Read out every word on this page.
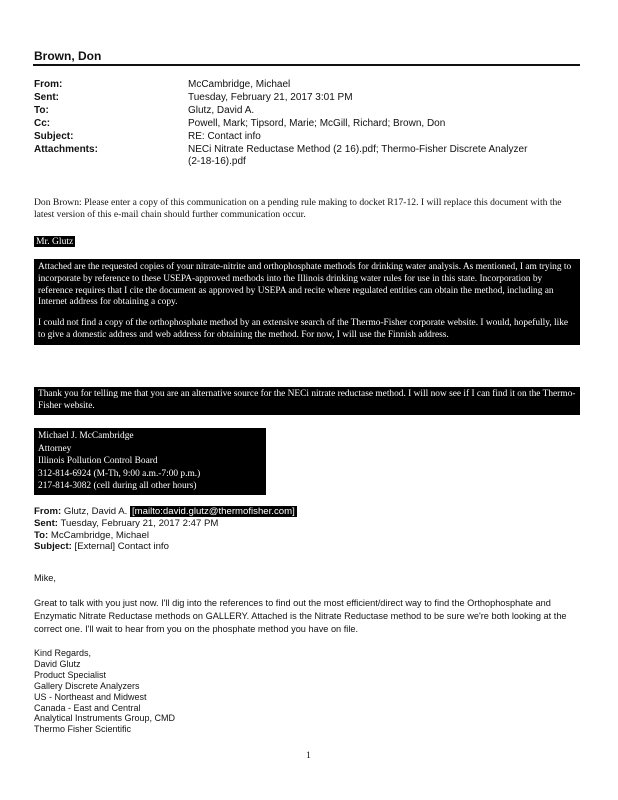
Brown, Don
From:	McCambridge, Michael
Sent:	Tuesday, February 21, 2017 3:01 PM
To:	Glutz, David A.
Cc:	Powell, Mark; Tipsord, Marie; McGill, Richard; Brown, Don
Subject:	RE: Contact info
Attachments:	NECi Nitrate Reductase Method (2 16).pdf; Thermo-Fisher Discrete Analyzer (2-18-16).pdf
Don Brown: Please enter a copy of this communication on a pending rule making to docket R17-12. I will replace this document with the latest version of this e-mail chain should further communication occur.
Mr. Glutz

Attached are the requested copies of your nitrate-nitrite and orthophosphate methods for drinking water analysis. As mentioned, I am trying to incorporate by reference to these USEPA-approved methods into the Illinois drinking water rules for use in this state. Incorporation by reference requires that I cite the document as approved by USEPA and recite where regulated entities can obtain the method, including an Internet address for obtaining a copy.

I could not find a copy of the orthophosphate method by an extensive search of the Thermo-Fisher corporate website. I would, hopefully, like to give a domestic address and web address for obtaining the method. For now, I will use the Finnish address.

Thank you for telling me that you are an alternative source for the NECi nitrate reductase method. I will now see if I can find it on the Thermo-Fisher website.
Michael J. McCambridge
Attorney
Illinois Pollution Control Board
312-814-6924 (M-Th, 9:00 a.m.-7:00 p.m.)
217-814-3082 (cell during all other hours)
From: Glutz, David A. [mailto:david.glutz@thermofisher.com]
Sent: Tuesday, February 21, 2017 2:47 PM
To: McCambridge, Michael
Subject: [External] Contact info
Mike,
Great to talk with you just now. I'll dig into the references to find out the most efficient/direct way to find the Orthophosphate and Enzymatic Nitrate Reductase methods on GALLERY. Attached is the Nitrate Reductase method to be sure we're both looking at the correct one. I'll wait to hear from you on the phosphate method you have on file.
Kind Regards,
David Glutz
Product Specialist
Gallery Discrete Analyzers
US - Northeast and Midwest
Canada - East and Central
Analytical Instruments Group, CMD
Thermo Fisher Scientific
1
